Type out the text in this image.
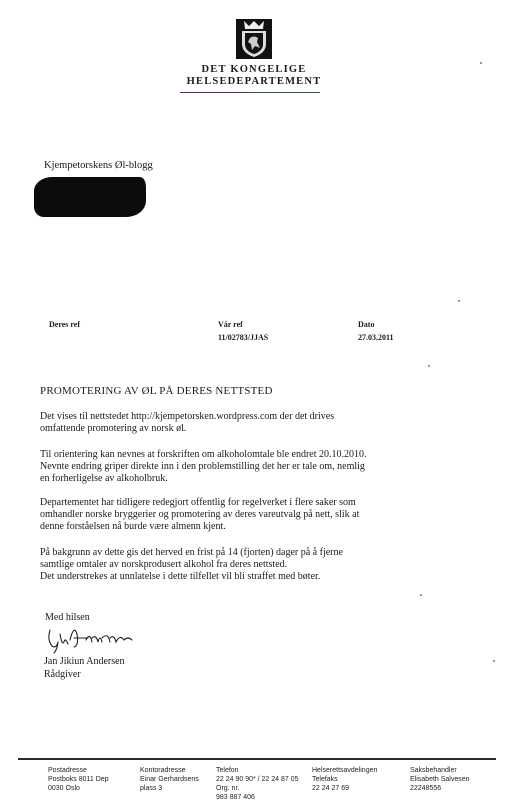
DET KONGELIGE
HELSEDEPARTEMENT
Kjempetorskens Øl-blogg
Deres ref	Vår ref
11/02783/JJAS
Dato
27.03.2011
PROMOTERING AV ØL PÅ DERES NETTSTED
Det vises til nettstedet http://kjempetorsken.wordpress.com der det drives
omfattende promotering av norsk øl.
Til orientering kan nevnes at forskriften om alkoholomtale ble endret 20.10.2010.
Nevnte endring griper direkte inn i den problemstilling det her er tale om, nemlig
en forherligelse av alkoholbruk.
Departementet har tidligere redegjort offentlig for regelverket i flere saker som
omhandler norske bryggerier og promotering av deres vareutvalg på nett, slik at
denne forståelsen nå burde være almenn kjent.
På bakgrunn av dette gis det herved en frist på 14 (fjorten) dager på å fjerne
samtlige omtaler av norskprodusert alkohol fra deres nettsted.
Det understrekes at unnlatelse i dette tilfellet vil bli straffet med bøter.
Med hilsen
Jan Jikiun Andersen
Rådgiver
Postadresse
Postboks 8011 Dep
0030 Oslo
Kontoradresse
Einar Gerhardsens
plass 3
Telefon
22 24 90 90* / 22 24 87 05
Org. nr.
983 887 406
Helserettsavdelingen
Telefaks
22 24 27 69
Saksbehandler
Elisabeth Salvesen
22248556
